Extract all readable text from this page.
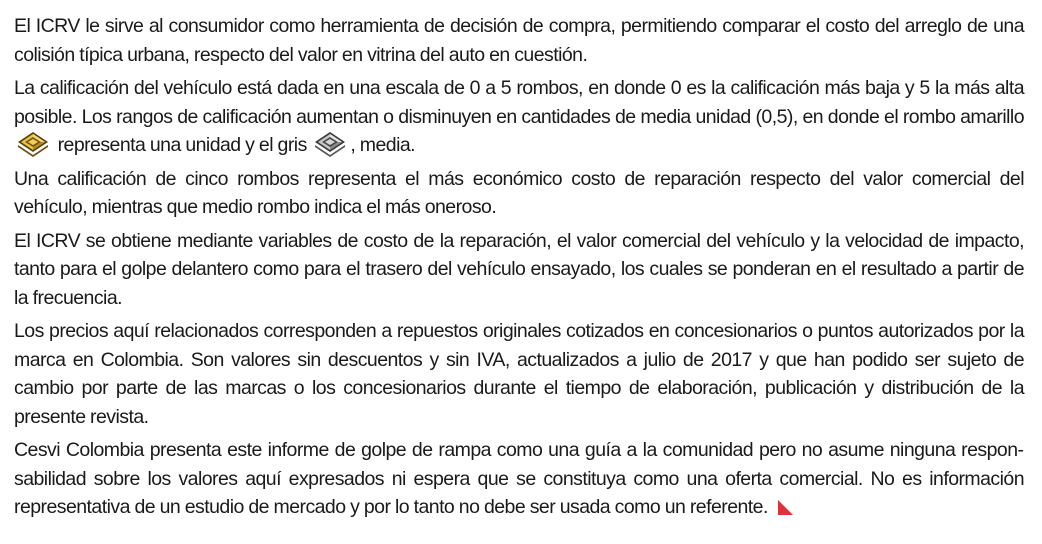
El ICRV le sirve al consumidor como herramienta de decisión de compra, permitiendo comparar el costo del arreglo de una colisión típica urbana, respecto del valor en vitrina del auto en cuestión.

La calificación del vehículo está dada en una escala de 0 a 5 rombos, en donde 0 es la calificación más baja y 5 la más alta posible. Los rangos de calificación aumentan o disminuyen en cantidades de media unidad (0,5), en donde el rombo amarillo
representa una unidad y el gris , media.

Una calificación de cinco rombos representa el más económico costo de reparación respecto del valor comercial del vehículo, mientras que medio rombo indica el más oneroso.

El ICRV se obtiene mediante variables de costo de la reparación, el valor comercial del vehículo y la velocidad de impacto, tanto para el golpe delantero como para el trasero del vehículo ensayado, los cuales se ponderan en el resultado a partir de la frecuencia.

Los precios aquí relacionados corresponden a repuestos originales cotizados en concesionarios o puntos autorizados por la marca en Colombia. Son valores sin descuentos y sin IVA, actualizados a julio de 2017 y que han podido ser sujeto de cambio por parte de las marcas o los concesionarios durante el tiempo de elaboración, publicación y distribución de la presente revista.

Cesvi Colombia presenta este informe de golpe de rampa como una guía a la comunidad pero no asume ninguna responsabilidad sobre los valores aquí expresados ni espera que se constituya como una oferta comercial. No es información representativa de un estudio de mercado y por lo tanto no debe ser usada como un referente.
